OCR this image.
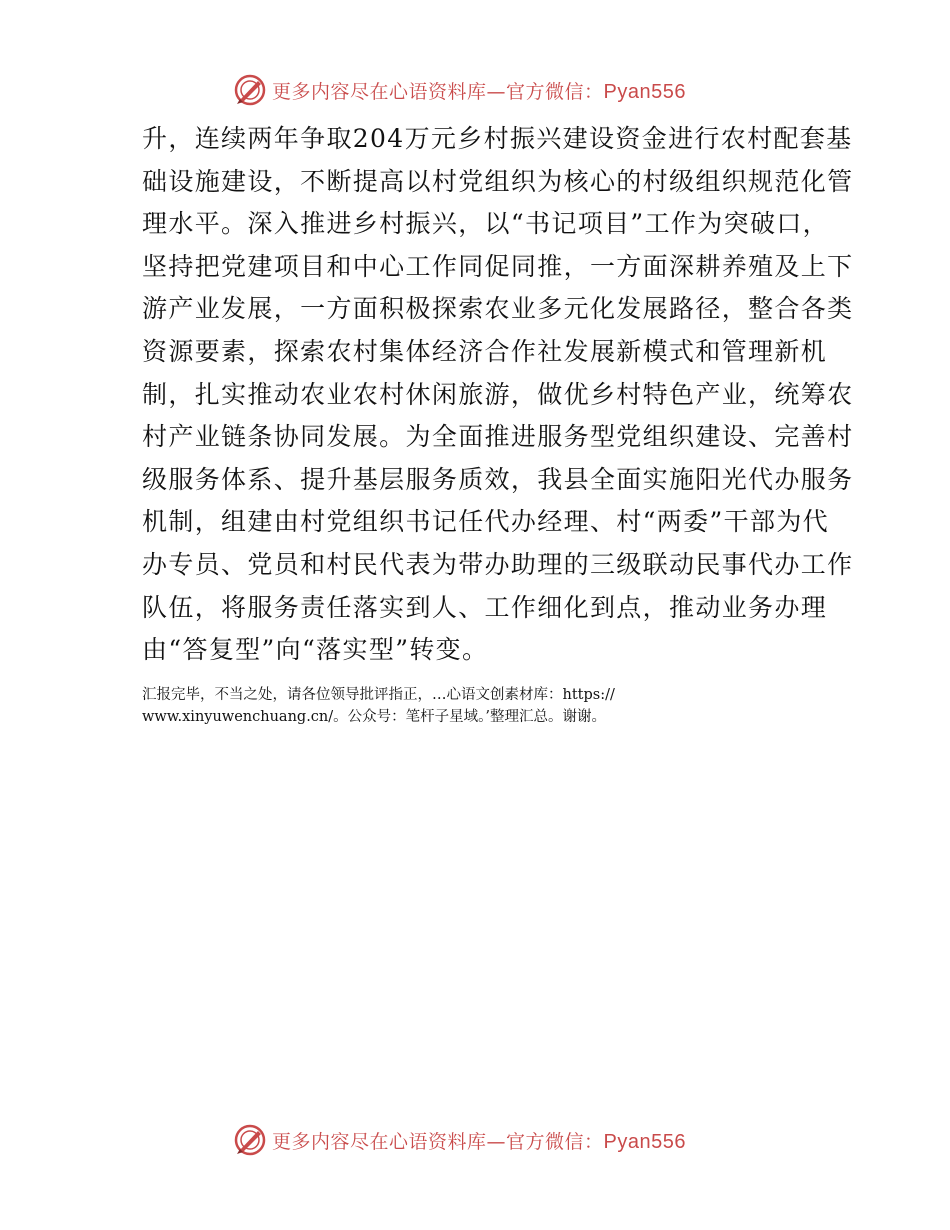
更多内容尽在心语资料库—官方微信：Pyan556

升，连续两年争取204万元乡村振兴建设资金进行农村配套基

础设施建设，不断提高以村党组织为核心的村级组织规范化管

理水平。深入推进乡村振兴，以“书记项目”工作为突破口，

坚持把党建项目和中心工作同促同推，一方面深耕养殖及上下

游产业发展，一方面积极探索农业多元化发展路径，整合各类

资源要素，探索农村集体经济合作社发展新模式和管理新机

制，扎实推动农业农村休闲旅游，做优乡村特色产业，统筹农

村产业链条协同发展。为全面推进服务型党组织建设、完善村

级服务体系、提升基层服务质效，我县全面实施阳光代办服务

机制，组建由村党组织书记任代办经理、村“两委”干部为代

办专员、党员和村民代表为带办助理的三级联动民事代办工作

队伍，将服务责任落实到人、工作细化到点，推动业务办理

由“答复型”向“落实型”转变。

汇报完毕，不当之处，请各位领导批评指正，…心语文创素材库：https://

www.xinyuwenchuang.cn/。公众号：笔杆子星域。’整理汇总。谢谢。

更多内容尽在心语资料库—官方微信：Pyan556
